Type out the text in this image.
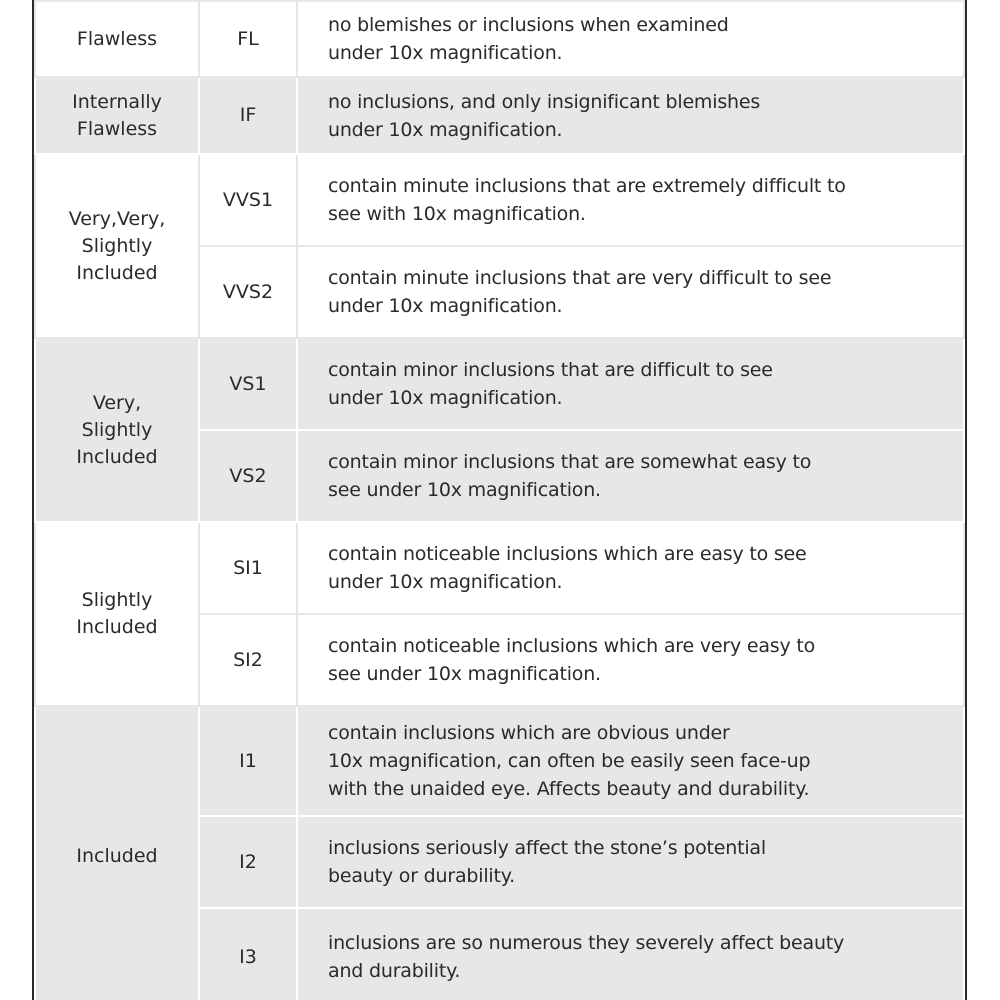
Flawless	FL	no blemishes or inclusions when examined
under 10x magnification.
Internally
Flawless	IF	no inclusions, and only insignificant blemishes
under 10x magnification.
Very,Very,
Slightly
Included	VVS1	contain minute inclusions that are extremely difficult to
see with 10x magnification.
	VVS2	contain minute inclusions that are very difficult to see
under 10x magnification.
Very,
Slightly
Included	VS1	contain minor inclusions that are difficult to see
under 10x magnification.
	VS2	contain minor inclusions that are somewhat easy to
see under 10x magnification.
Slightly
Included	SI1	contain noticeable inclusions which are easy to see
under 10x magnification.
	SI2	contain noticeable inclusions which are very easy to
see under 10x magnification.
Included	I1	contain inclusions which are obvious under
10x magnification, can often be easily seen face-up
with the unaided eye. Affects beauty and durability.
	I2	inclusions seriously affect the stone’s potential
beauty or durability.
	I3	inclusions are so numerous they severely affect beauty
and durability.
